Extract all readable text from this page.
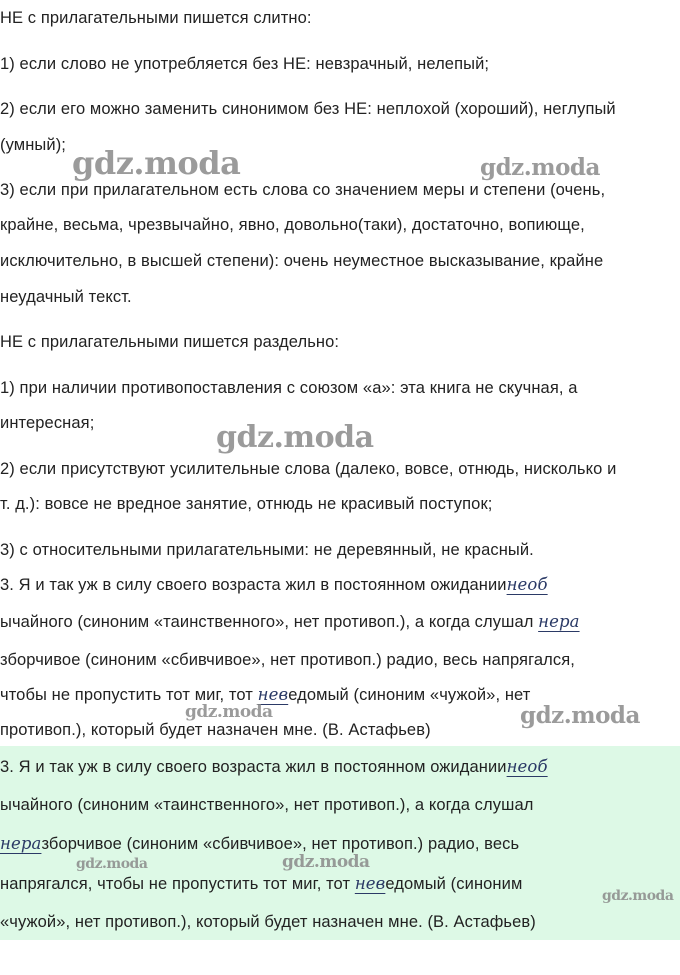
НЕ с прилагательными пишется слитно:
1) если слово не употребляется без НЕ: невзрачный, нелепый;
2) если его можно заменить синонимом без НЕ: неплохой (хороший), неглупый
(умный);
3) если при прилагательном есть слова со значением меры и степени (очень,
крайне, весьма, чрезвычайно, явно, довольно(таки), достаточно, вопиюще,
исключительно, в высшей степени): очень неуместное высказывание, крайне
неудачный текст.
НЕ с прилагательными пишется раздельно:
1) при наличии противопоставления с союзом «а»: эта книга не скучная, а
интересная;
2) если присутствуют усилительные слова (далеко, вовсе, отнюдь, нисколько и
т. д.): вовсе не вредное занятие, отнюдь не красивый поступок;
3) с относительными прилагательными: не деревянный, не красный.
3. Я и так уж в силу своего возраста жил в постоянном ожиданиинеоб
ычайного (синоним «таинственного», нет противоп.), а когда слушал нера
зборчивое (синоним «сбивчивое», нет противоп.) радио, весь напрягался,
чтобы не пропустить тот миг, тот неведомый (синоним «чужой», нет
противоп.), который будет назначен мне. (В. Астафьев)
3. Я и так уж в силу своего возраста жил в постоянном ожиданиинеоб
ычайного (синоним «таинственного», нет противоп.), а когда слушал
неразборчивое (синоним «сбивчивое», нет противоп.) радио, весь
напрягался, чтобы не пропустить тот миг, тот неведомый (синоним
«чужой», нет противоп.), который будет назначен мне. (В. Астафьев)
gdz.moda	gdz.moda
gdz.moda
gdz.moda	gdz.moda
gdz.moda	gdz.moda
gdz.moda
